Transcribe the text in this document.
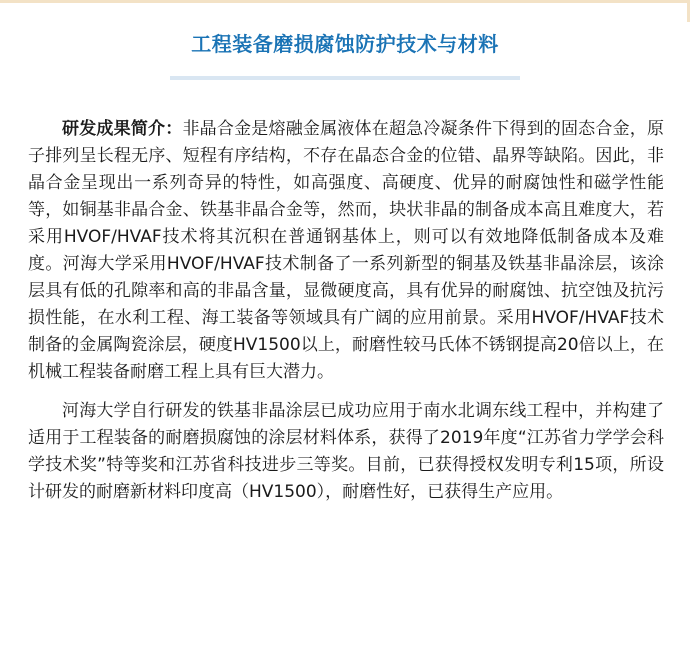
工程装备磨损腐蚀防护技术与材料

研发成果简介：非晶合金是熔融金属液体在超急冷凝条件下得到的固态合金，原子排列呈长程无序、短程有序结构，不存在晶态合金的位错、晶界等缺陷。因此，非晶合金呈现出一系列奇异的特性，如高强度、高硬度、优异的耐腐蚀性和磁学性能等，如铜基非晶合金、铁基非晶合金等，然而，块状非晶的制备成本高且难度大，若采用HVOF/HVAF技术将其沉积在普通钢基体上，则可以有效地降低制备成本及难度。河海大学采用HVOF/HVAF技术制备了一系列新型的铜基及铁基非晶涂层，该涂层具有低的孔隙率和高的非晶含量，显微硬度高，具有优异的耐腐蚀、抗空蚀及抗污损性能，在水利工程、海工装备等领域具有广阔的应用前景。采用HVOF/HVAF技术制备的金属陶瓷涂层，硬度HV1500以上，耐磨性较马氏体不锈钢提高20倍以上，在机械工程装备耐磨工程上具有巨大潜力。

河海大学自行研发的铁基非晶涂层已成功应用于南水北调东线工程中，并构建了适用于工程装备的耐磨损腐蚀的涂层材料体系，获得了2019年度“江苏省力学学会科学技术奖”特等奖和江苏省科技进步三等奖。目前，已获得授权发明专利15项，所设计研发的耐磨新材料印度高（HV1500），耐磨性好，已获得生产应用。
